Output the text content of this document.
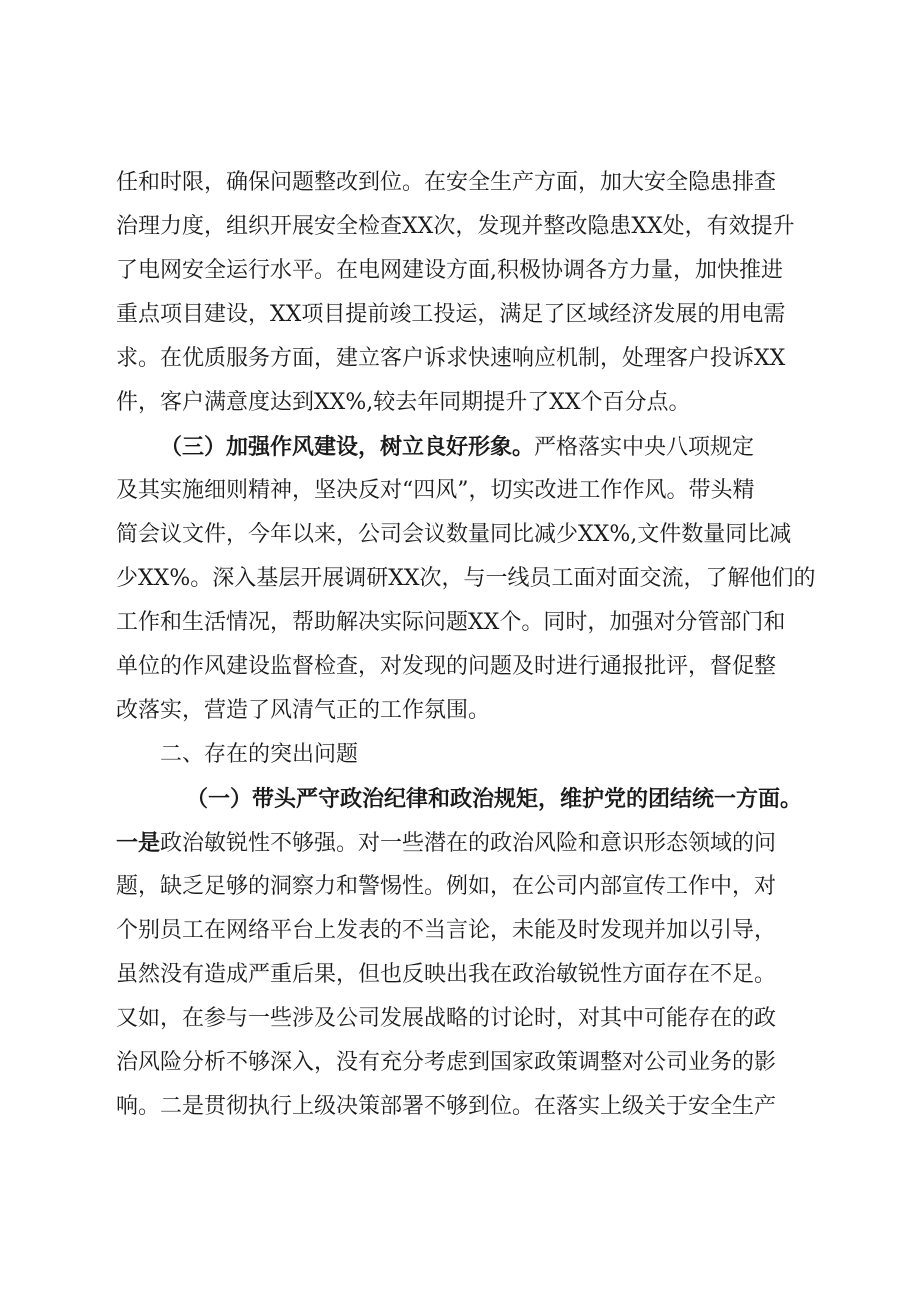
任和时限，确保问题整改到位。在安全生产方面，加大安全隐患排查
治理力度，组织开展安全检查XX次，发现并整改隐患XX处，有效提升
了电网安全运行水平。在电网建设方面,积极协调各方力量，加快推进
重点项目建设，XX项目提前竣工投运，满足了区域经济发展的用电需
求。在优质服务方面，建立客户诉求快速响应机制，处理客户投诉XX
件，客户满意度达到XX%,较去年同期提升了XX个百分点。
（三）加强作风建设，树立良好形象。严格落实中央八项规定
及其实施细则精神，坚决反对“四风”，切实改进工作作风。带头精
简会议文件，今年以来，公司会议数量同比减少XX%,文件数量同比减
少XX%。深入基层开展调研XX次，与一线员工面对面交流，了解他们的
工作和生活情况，帮助解决实际问题XX个。同时，加强对分管部门和
单位的作风建设监督检查，对发现的问题及时进行通报批评，督促整
改落实，营造了风清气正的工作氛围。
二、存在的突出问题
（一）带头严守政治纪律和政治规矩，维护党的团结统一方面。
一是政治敏锐性不够强。对一些潜在的政治风险和意识形态领域的问
题，缺乏足够的洞察力和警惕性。例如，在公司内部宣传工作中，对
个别员工在网络平台上发表的不当言论，未能及时发现并加以引导，
虽然没有造成严重后果，但也反映出我在政治敏锐性方面存在不足。
又如，在参与一些涉及公司发展战略的讨论时，对其中可能存在的政
治风险分析不够深入，没有充分考虑到国家政策调整对公司业务的影
响。二是贯彻执行上级决策部署不够到位。在落实上级关于安全生产
